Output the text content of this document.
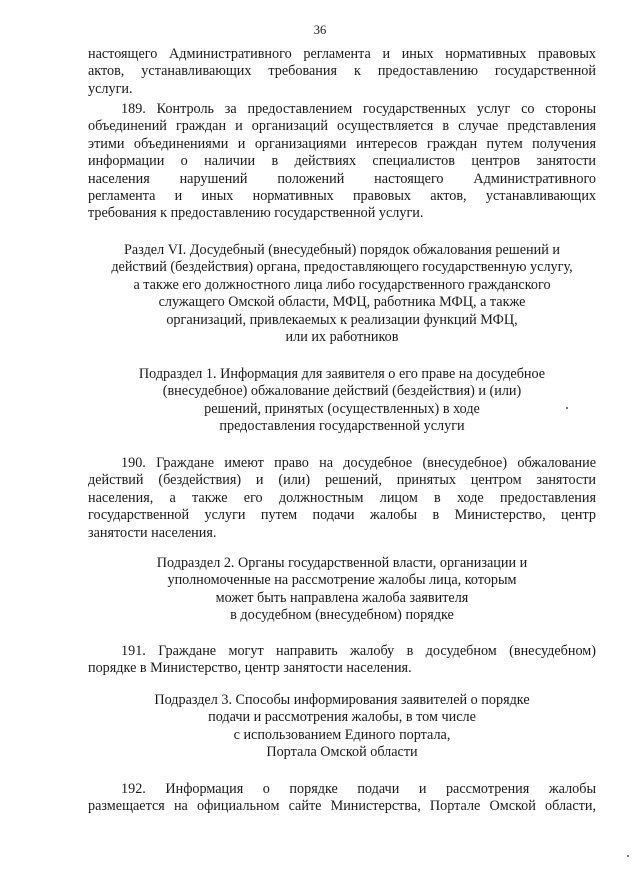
36
настоящего Административного регламента и иных нормативных правовых
актов, устанавливающих требования к предоставлению государственной
услуги.
189. Контроль за предоставлением государственных услуг со стороны
объединений граждан и организаций осуществляется в случае представления
этими объединениями и организациями интересов граждан путем получения
информации о наличии в действиях специалистов центров занятости
населения нарушений положений настоящего Административного
регламента и иных нормативных правовых актов, устанавливающих
требования к предоставлению государственной услуги.
Раздел VI. Досудебный (внесудебный) порядок обжалования решений и
действий (бездействия) органа, предоставляющего государственную услугу,
а также его должностного лица либо государственного гражданского
служащего Омской области, МФЦ, работника МФЦ, а также
организаций, привлекаемых к реализации функций МФЦ,
или их работников
Подраздел 1. Информация для заявителя о его праве на досудебное
(внесудебное) обжалование действий (бездействия) и (или)
решений, принятых (осуществленных) в ходе
предоставления государственной услуги
190. Граждане имеют право на досудебное (внесудебное) обжалование
действий (бездействия) и (или) решений, принятых центром занятости
населения, а также его должностным лицом в ходе предоставления
государственной услуги путем подачи жалобы в Министерство, центр
занятости населения.
Подраздел 2. Органы государственной власти, организации и
уполномоченные на рассмотрение жалобы лица, которым
может быть направлена жалоба заявителя
в досудебном (внесудебном) порядке
191. Граждане могут направить жалобу в досудебном (внесудебном)
порядке в Министерство, центр занятости населения.
Подраздел 3. Способы информирования заявителей о порядке
подачи и рассмотрения жалобы, в том числе
с использованием Единого портала,
Портала Омской области
192. Информация о порядке подачи и рассмотрения жалобы
размещается на официальном сайте Министерства, Портале Омской области,
